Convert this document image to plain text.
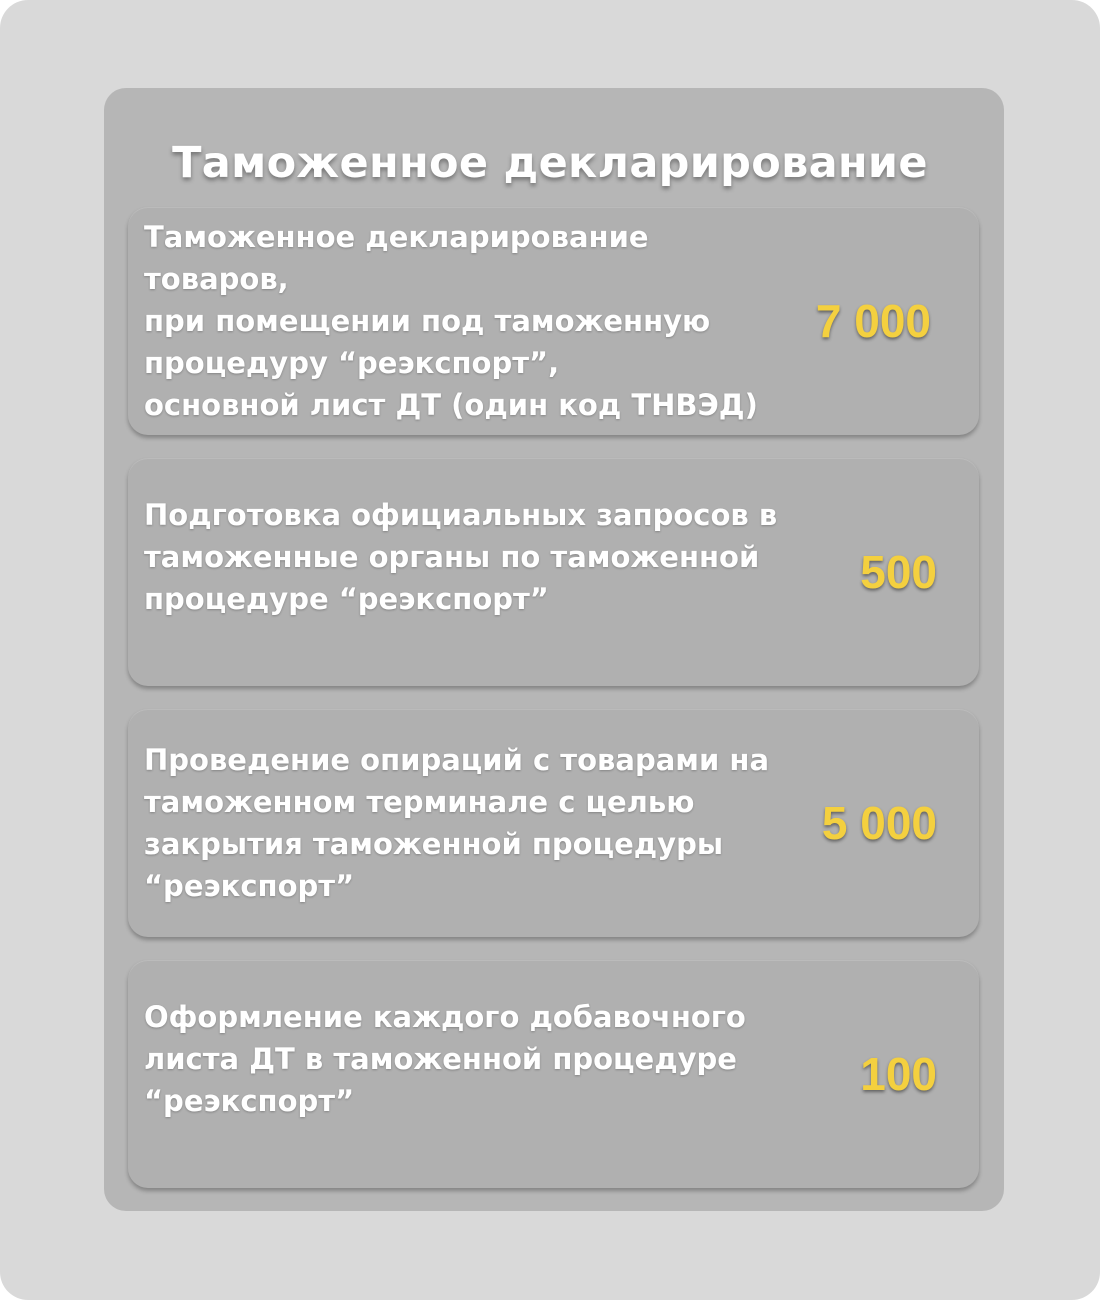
Таможенное декларирование
Таможенное декларирование товаров,
при помещении под таможенную
процедуру “реэкспорт”,
основной лист ДТ (один код ТНВЭД)
7 000
Подготовка официальных запросов в
таможенные органы по таможенной
процедуре “реэкспорт”
500
Проведение опираций с товарами на
таможенном терминале с целью
закрытия таможенной процедуры
“реэкспорт”
5 000
Оформление каждого добавочного
листа ДТ в таможенной процедуре
“реэкспорт”
100
